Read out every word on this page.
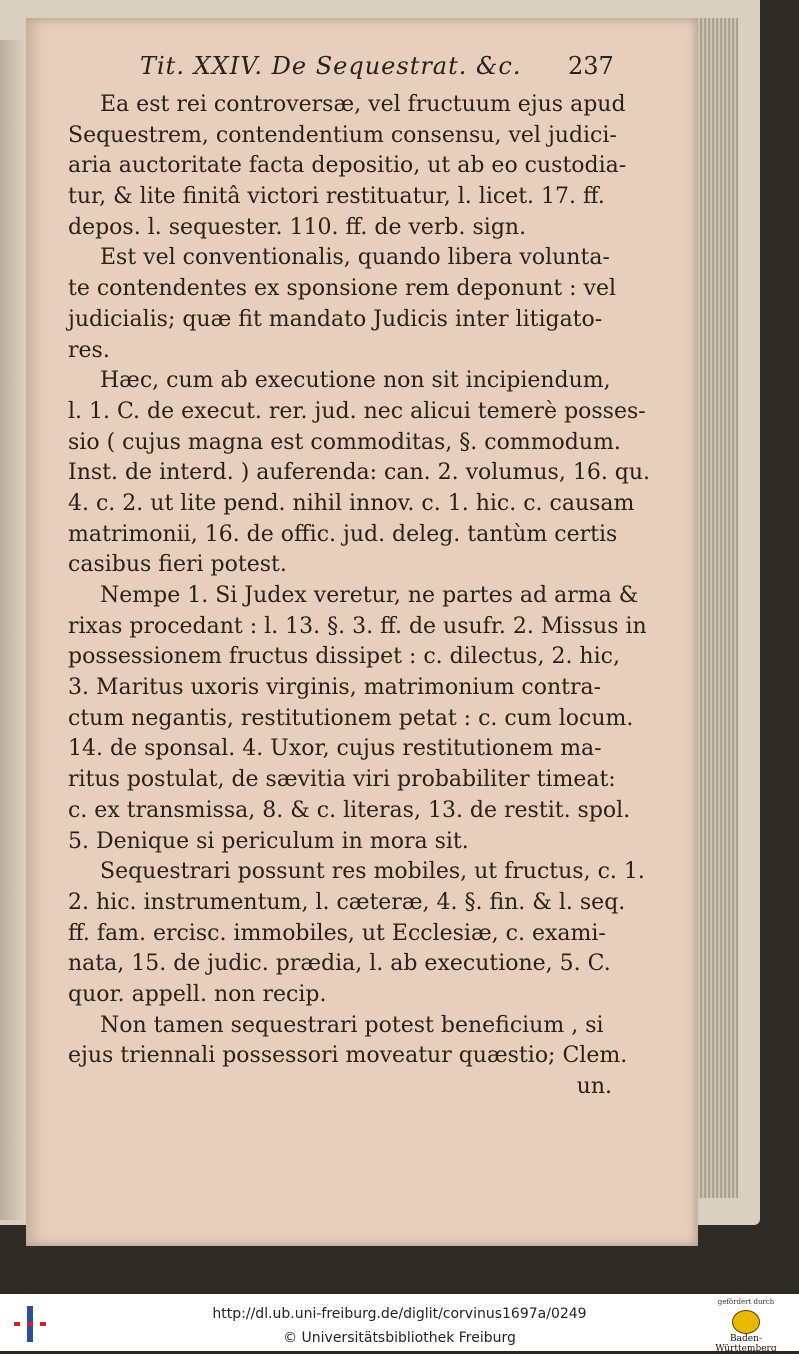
Tit. XXIV. De Sequestrat. &c. 237
Ea est rei controversæ, vel fructuum ejus apud
Sequestrem, contendentium consensu, vel judici-
aria auctoritate facta depositio, ut ab eo custodia-
tur, & lite finitâ victori restituatur, l. licet. 17. ff.
depos. l. sequester. 110. ff. de verb. sign.
Est vel conventionalis, quando libera volunta-
te contendentes ex sponsione rem deponunt : vel
judicialis; quæ fit mandato Judicis inter litigato-
res.
Hæc, cum ab executione non sit incipiendum,
l. 1. C. de execut. rer. jud. nec alicui temerè posses-
sio ( cujus magna est commoditas, §. commodum.
Inst. de interd. ) auferenda: can. 2. volumus, 16. qu.
4. c. 2. ut lite pend. nihil innov. c. 1. hic. c. causam
matrimonii, 16. de offic. jud. deleg. tantùm certis
casibus fieri potest.
Nempe 1. Si Judex veretur, ne partes ad arma &
rixas procedant : l. 13. §. 3. ff. de usufr. 2. Missus in
possessionem fructus dissipet : c. dilectus, 2. hic,
3. Maritus uxoris virginis, matrimonium contra-
ctum negantis, restitutionem petat : c. cum locum.
14. de sponsal. 4. Uxor, cujus restitutionem ma-
ritus postulat, de sævitia viri probabiliter timeat:
c. ex transmissa, 8. & c. literas, 13. de restit. spol.
5. Denique si periculum in mora sit.
Sequestrari possunt res mobiles, ut fructus, c. 1.
2. hic. instrumentum, l. cæteræ, 4. §. fin. & l. seq.
ff. fam. ercisc. immobiles, ut Ecclesiæ, c. exami-
nata, 15. de judic. prædia, l. ab executione, 5. C.
quor. appell. non recip.
Non tamen sequestrari potest beneficium , si
ejus triennali possessori moveatur quæstio; Clem.
un.
http://dl.ub.uni-freiburg.de/diglit/corvinus1697a/0249
© Universitätsbibliothek Freiburg
gefördert durch
Baden-Württemberg
